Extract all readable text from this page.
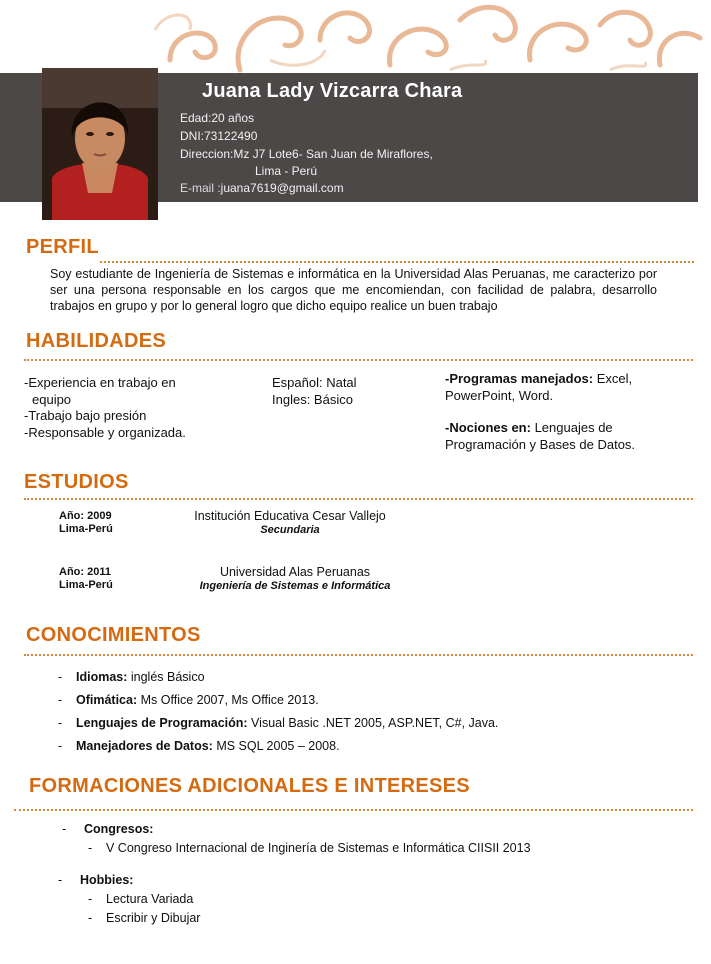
Juana Lady Vizcarra Chara
Edad:20 años
DNI:73122490
Direccion:Mz J7 Lote6- San Juan de Miraflores,
Lima - Perú
E-mail :juana7619@gmail.com
PERFIL
Soy estudiante de Ingeniería de Sistemas e informática en la Universidad Alas Peruanas, me caracterizo por ser una persona responsable en los cargos que me encomiendan, con facilidad de palabra, desarrollo trabajos en grupo y por lo general logro que dicho equipo realice un buen trabajo
HABILIDADES
-Experiencia en trabajo en
equipo
-Trabajo bajo presión
-Responsable y organizada.
Español: Natal
Ingles: Básico
-Programas manejados: Excel, PowerPoint, Word.
-Nociones en: Lenguajes de Programación y Bases de Datos.
ESTUDIOS
Año: 2009
Lima-Perú
Institución Educativa Cesar Vallejo
Secundaria
Año: 2011
Lima-Perú
Universidad Alas Peruanas
Ingeniería de Sistemas e Informática
CONOCIMIENTOS
- Idiomas: inglés Básico
- Ofimática: Ms Office 2007, Ms Office 2013.
- Lenguajes de Programación: Visual Basic .NET 2005, ASP.NET, C#, Java.
- Manejadores de Datos: MS SQL 2005 – 2008.
FORMACIONES ADICIONALES E INTERESES
- Congresos:
- V Congreso Internacional de Inginería de Sistemas e Informática CIISII 2013
- Hobbies:
- Lectura Variada
- Escribir y Dibujar
